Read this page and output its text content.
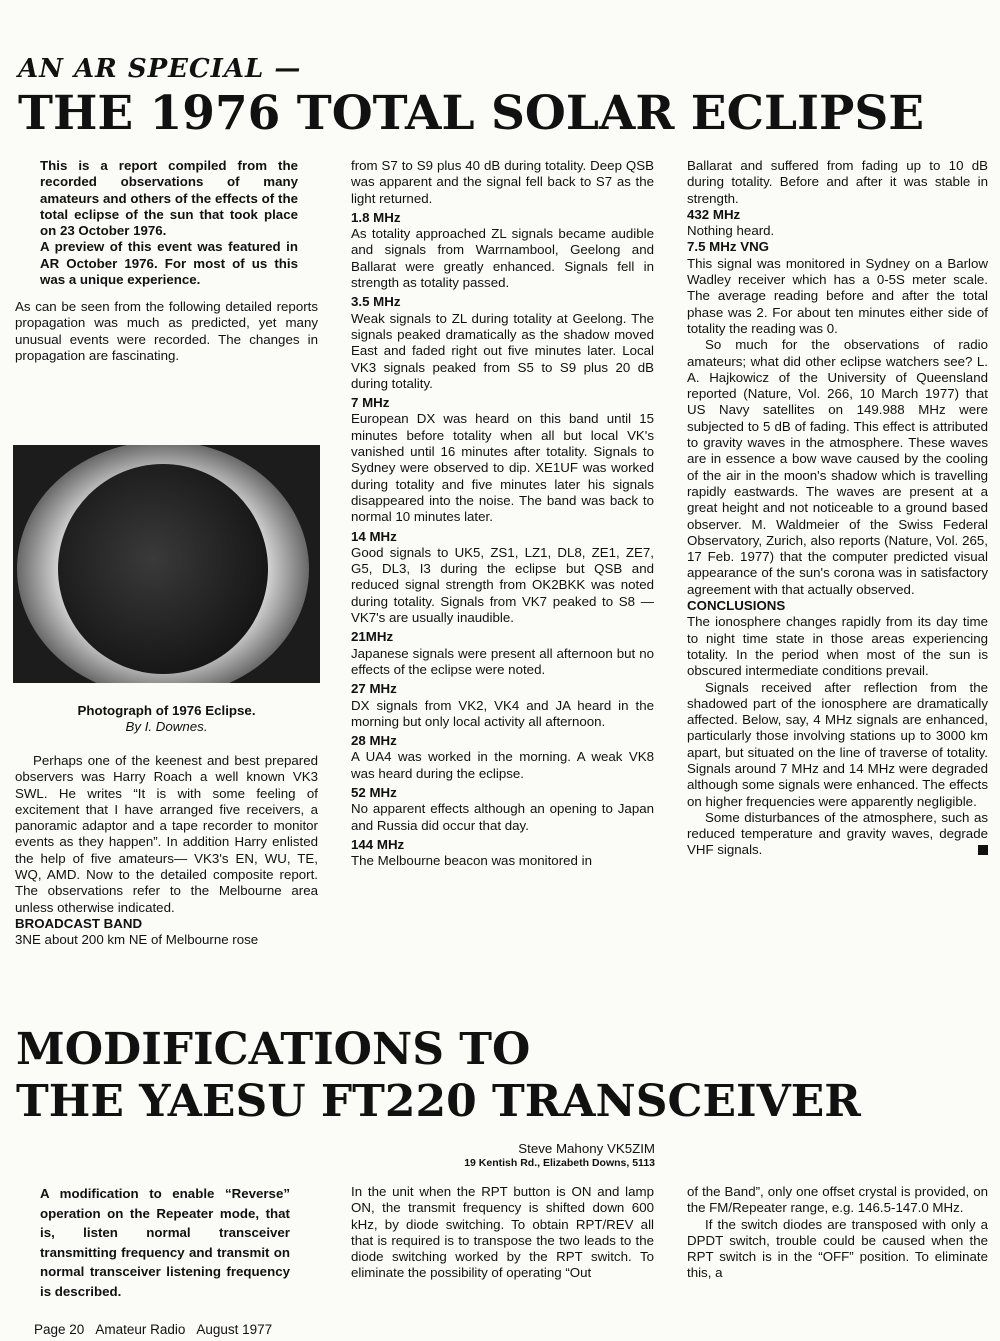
AN AR SPECIAL —
THE 1976 TOTAL SOLAR ECLIPSE

This is a report compiled from the recorded observations of many amateurs and others of the effects of the total eclipse of the sun that took place on 23 October 1976.

A preview of this event was featured in AR October 1976. For most of us this was a unique experience.

As can be seen from the following detailed reports propagation was much as predicted, yet many unusual events were recorded. The changes in propagation are fascinating.

Photograph of 1976 Eclipse.
By I. Downes.

Perhaps one of the keenest and best prepared observers was Harry Roach a well known VK3 SWL. He writes “It is with some feeling of excitement that I have arranged five receivers, a panoramic adaptor and a tape recorder to monitor events as they happen”. In addition Harry enlisted the help of five amateurs— VK3's EN, WU, TE, WQ, AMD. Now to the detailed composite report. The observations refer to the Melbourne area unless otherwise indicated.

BROADCAST BAND

3NE about 200 km NE of Melbourne rose

from S7 to S9 plus 40 dB during totality. Deep QSB was apparent and the signal fell back to S7 as the light returned.

1.8 MHz

As totality approached ZL signals became audible and signals from Warrnambool, Geelong and Ballarat were greatly enhanced. Signals fell in strength as totality passed.

3.5 MHz

Weak signals to ZL during totality at Geelong. The signals peaked dramatically as the shadow moved East and faded right out five minutes later. Local VK3 signals peaked from S5 to S9 plus 20 dB during totality.

7 MHz

European DX was heard on this band until 15 minutes before totality when all but local VK's vanished until 16 minutes after totality. Signals to Sydney were observed to dip. XE1UF was worked during totality and five minutes later his signals disappeared into the noise. The band was back to normal 10 minutes later.

14 MHz

Good signals to UK5, ZS1, LZ1, DL8, ZE1, ZE7, G5, DL3, I3 during the eclipse but QSB and reduced signal strength from OK2BKK was noted during totality. Signals from VK7 peaked to S8 — VK7's are usually inaudible.

21MHz

Japanese signals were present all afternoon but no effects of the eclipse were noted.

27 MHz

DX signals from VK2, VK4 and JA heard in the morning but only local activity all afternoon.

28 MHz

A UA4 was worked in the morning. A weak VK8 was heard during the eclipse.

52 MHz

No apparent effects although an opening to Japan and Russia did occur that day.

144 MHz

The Melbourne beacon was monitored in

Ballarat and suffered from fading up to 10 dB during totality. Before and after it was stable in strength.

432 MHz

Nothing heard.

7.5 MHz VNG

This signal was monitored in Sydney on a Barlow Wadley receiver which has a 0-5S meter scale. The average reading before and after the total phase was 2. For about ten minutes either side of totality the reading was 0.

So much for the observations of radio amateurs; what did other eclipse watchers see? L. A. Hajkowicz of the University of Queensland reported (Nature, Vol. 266, 10 March 1977) that US Navy satellites on 149.988 MHz were subjected to 5 dB of fading. This effect is attributed to gravity waves in the atmosphere. These waves are in essence a bow wave caused by the cooling of the air in the moon's shadow which is travelling rapidly eastwards. The waves are present at a great height and not noticeable to a ground based observer. M. Waldmeier of the Swiss Federal Observatory, Zurich, also reports (Nature, Vol. 265, 17 Feb. 1977) that the computer predicted visual appearance of the sun's corona was in satisfactory agreement with that actually observed.

CONCLUSIONS

The ionosphere changes rapidly from its day time to night time state in those areas experiencing totality. In the period when most of the sun is obscured intermediate conditions prevail.

Signals received after reflection from the shadowed part of the ionosphere are dramatically affected. Below, say, 4 MHz signals are enhanced, particularly those involving stations up to 3000 km apart, but situated on the line of traverse of totality. Signals around 7 MHz and 14 MHz were degraded although some signals were enhanced. The effects on higher frequencies were apparently negligible.

Some disturbances of the atmosphere, such as reduced temperature and gravity waves, degrade VHF signals.

MODIFICATIONS TO
THE YAESU FT220 TRANSCEIVER
Steve Mahony VK5ZIM
19 Kentish Rd., Elizabeth Downs, 5113

A modification to enable “Reverse” operation on the Repeater mode, that is, listen normal transceiver transmitting frequency and transmit on normal transceiver listening frequency is described.

In the unit when the RPT button is ON and lamp ON, the transmit frequency is shifted down 600 kHz, by diode switching. To obtain RPT/REV all that is required is to transpose the two leads to the diode switching worked by the RPT switch. To eliminate the possibility of operating “Out

of the Band”, only one offset crystal is provided, on the FM/Repeater range, e.g. 146.5-147.0 MHz.

If the switch diodes are transposed with only a DPDT switch, trouble could be caused when the RPT switch is in the “OFF” position. To eliminate this, a

Page 20 Amateur Radio August 1977
